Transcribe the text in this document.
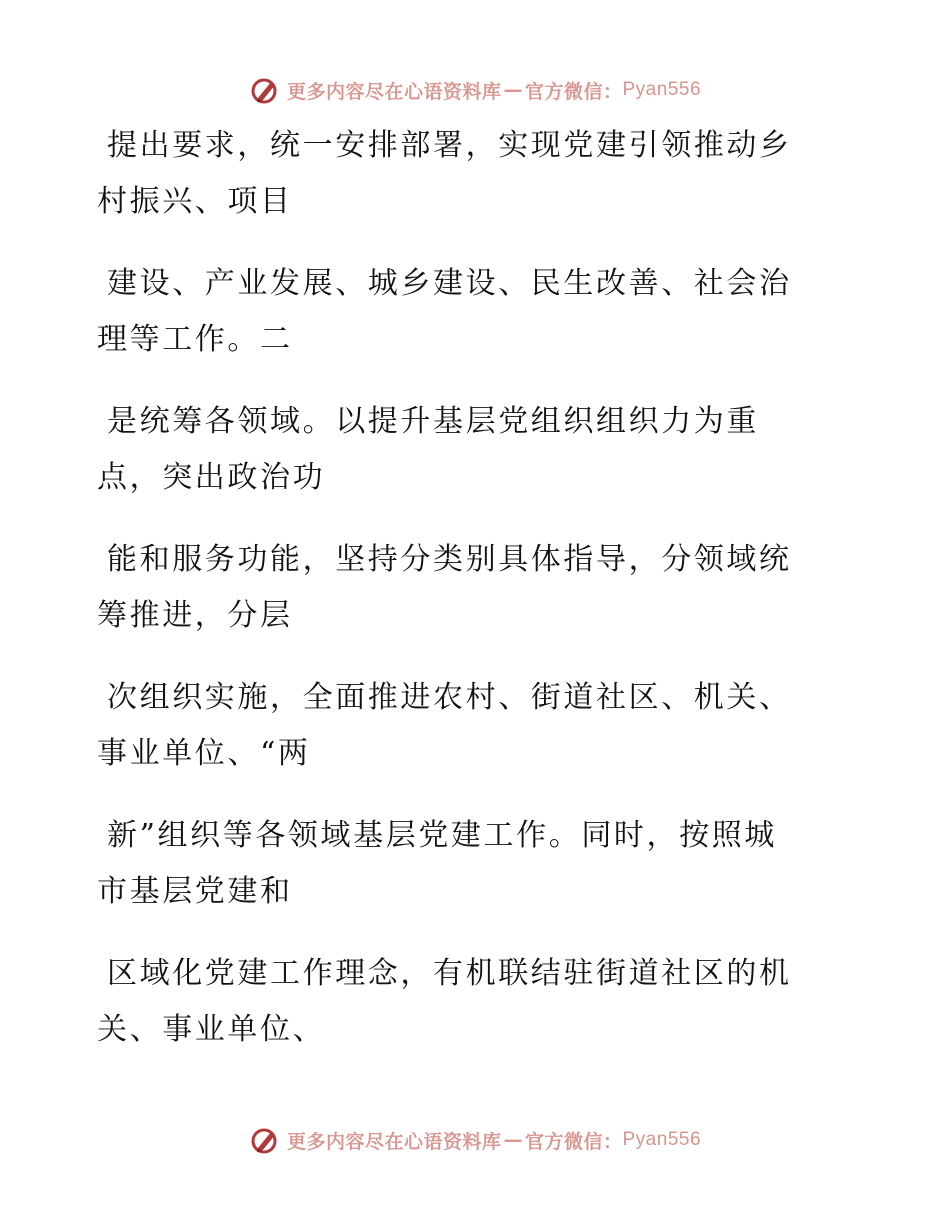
更多内容尽在心语资料库 — 官方微信： Pyan556

提出要求，统一安排部署，实现党建引领推动乡
村振兴、项目

建设、产业发展、城乡建设、民生改善、社会治
理等工作。二

是统筹各领域。以提升基层党组织组织力为重
点，突出政治功

能和服务功能，坚持分类别具体指导，分领域统
筹推进，分层

次组织实施，全面推进农村、街道社区、机关、
事业单位、“两

新”组织等各领域基层党建工作。同时，按照城
市基层党建和

区域化党建工作理念，有机联结驻街道社区的机
关、事业单位、

更多内容尽在心语资料库 — 官方微信： Pyan556
